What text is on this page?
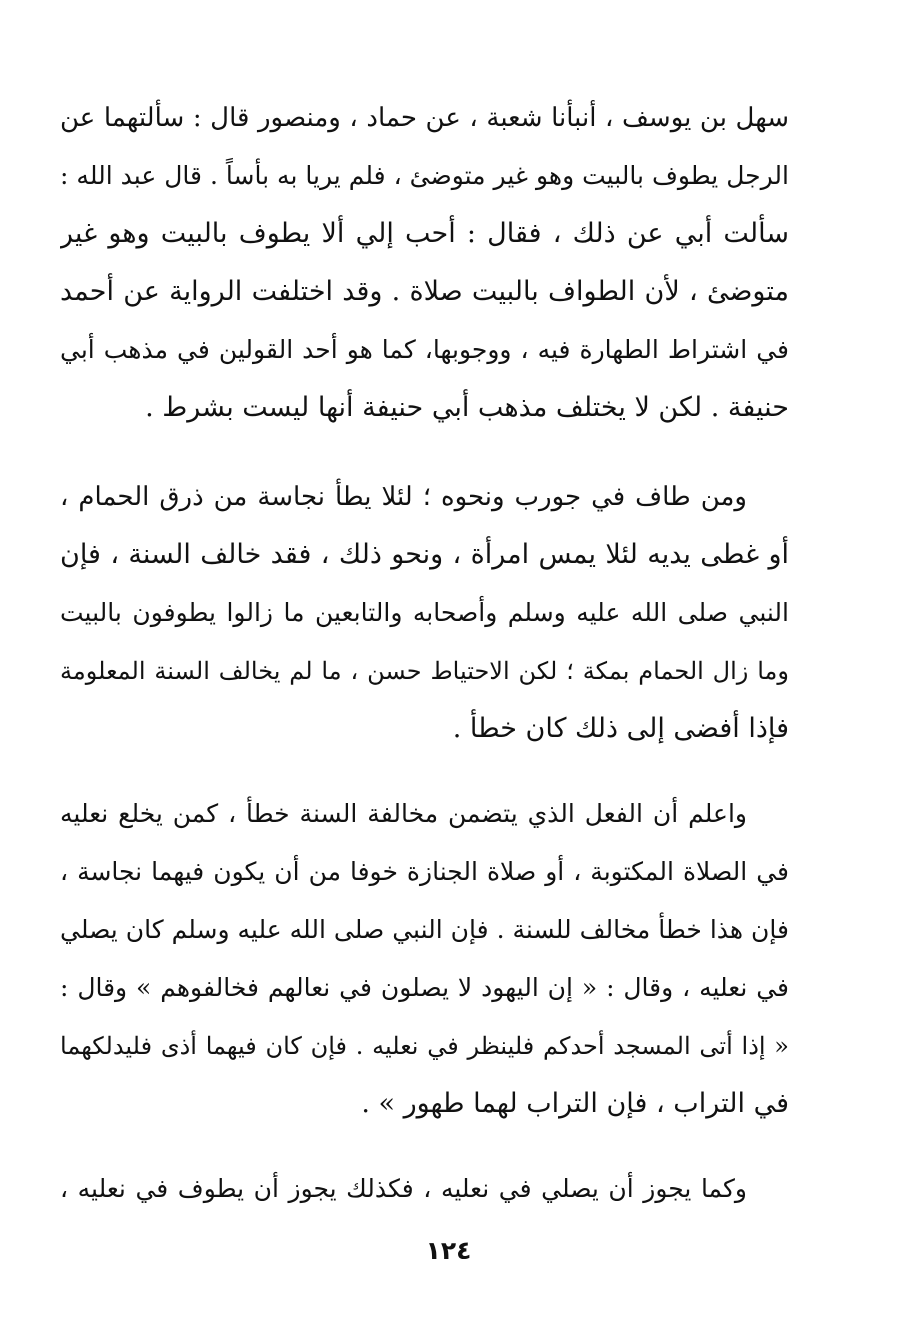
سهل بن يوسف ، أنبأنا شعبة ، عن حماد ، ومنصور قال : سألتهما عن
الرجل يطوف بالبيت وهو غير متوضئ ، فلم يريا به بأساً . قال عبد الله :
سألت أبي عن ذلك ، فقال : أحب إلي ألا يطوف بالبيت وهو غير
متوضئ ، لأن الطواف بالبيت صلاة . وقد اختلفت الرواية عن أحمد
في اشتراط الطهارة فيه ، ووجوبها، كما هو أحد القولين في مذهب أبي
حنيفة . لكن لا يختلف مذهب أبي حنيفة أنها ليست بشرط .
ومن طاف في جورب ونحوه ؛ لئلا يطأ نجاسة من ذرق الحمام ،
أو غطى يديه لئلا يمس امرأة ، ونحو ذلك ، فقد خالف السنة ، فإن
النبي صلى الله عليه وسلم وأصحابه والتابعين ما زالوا يطوفون بالبيت
وما زال الحمام بمكة ؛ لكن الاحتياط حسن ، ما لم يخالف السنة المعلومة
فإذا أفضى إلى ذلك كان خطأ .
واعلم أن الفعل الذي يتضمن مخالفة السنة خطأ ، كمن يخلع نعليه
في الصلاة المكتوبة ، أو صلاة الجنازة خوفا من أن يكون فيهما نجاسة ،
فإن هذا خطأ مخالف للسنة . فإن النبي صلى الله عليه وسلم كان يصلي
في نعليه ، وقال : « إن اليهود لا يصلون في نعالهم فخالفوهم » وقال :
« إذا أتى المسجد أحدكم فلينظر في نعليه . فإن كان فيهما أذى فليدلكهما
في التراب ، فإن التراب لهما طهور » .
وكما يجوز أن يصلي في نعليه ، فكذلك يجوز أن يطوف في نعليه ،
١٢٤
